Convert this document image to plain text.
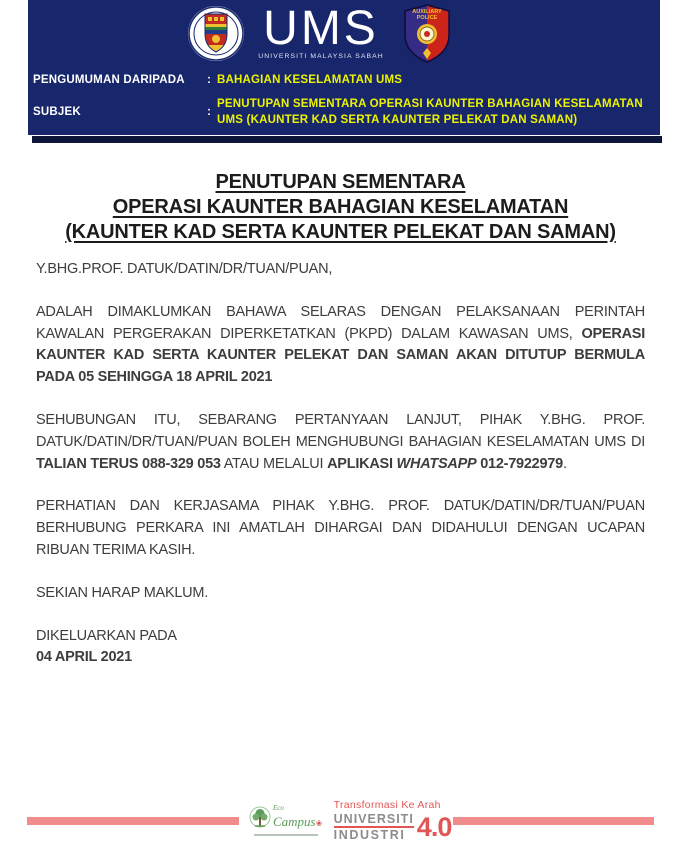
UMS
UNIVERSITI MALAYSIA SABAH
AUXILIARY
POLICE
PENGUMUMAN DARIPADA	: BAHAGIAN KESELAMATAN UMS
SUBJEK	:
PENUTUPAN SEMENTARA OPERASI KAUNTER BAHAGIAN KESELAMATAN UMS (KAUNTER KAD SERTA KAUNTER PELEKAT DAN SAMAN)
PENUTUPAN SEMENTARA
OPERASI KAUNTER BAHAGIAN KESELAMATAN
(KAUNTER KAD SERTA KAUNTER PELEKAT DAN SAMAN)

Y.BHG.PROF. DATUK/DATIN/DR/TUAN/PUAN,

ADALAH DIMAKLUMKAN BAHAWA SELARAS DENGAN PELAKSANAAN PERINTAH KAWALAN PERGERAKAN DIPERKETATKAN (PKPD) DALAM KAWASAN UMS, OPERASI KAUNTER KAD SERTA KAUNTER PELEKAT DAN SAMAN AKAN DITUTUP BERMULA PADA 05 SEHINGGA 18 APRIL 2021

SEHUBUNGAN ITU, SEBARANG PERTANYAAN LANJUT, PIHAK Y.BHG. PROF. DATUK/DATIN/DR/TUAN/PUAN BOLEH MENGHUBUNGI BAHAGIAN KESELAMATAN UMS DI TALIAN TERUS 088-329 053 ATAU MELALUI APLIKASI WHATSAPP 012-7922979.

PERHATIAN DAN KERJASAMA PIHAK Y.BHG. PROF. DATUK/DATIN/DR/TUAN/PUAN BERHUBUNG PERKARA INI AMATLAH DIHARGAI DAN DIDAHULUI DENGAN UCAPAN RIBUAN TERIMA KASIH.

SEKIAN HARAP MAKLUM.

DIKELUARKAN PADA

04 APRIL 2021

Eco
Campus❀
Transformasi Ke Arah
UNIVERSITI
INDUSTRI 4.0
